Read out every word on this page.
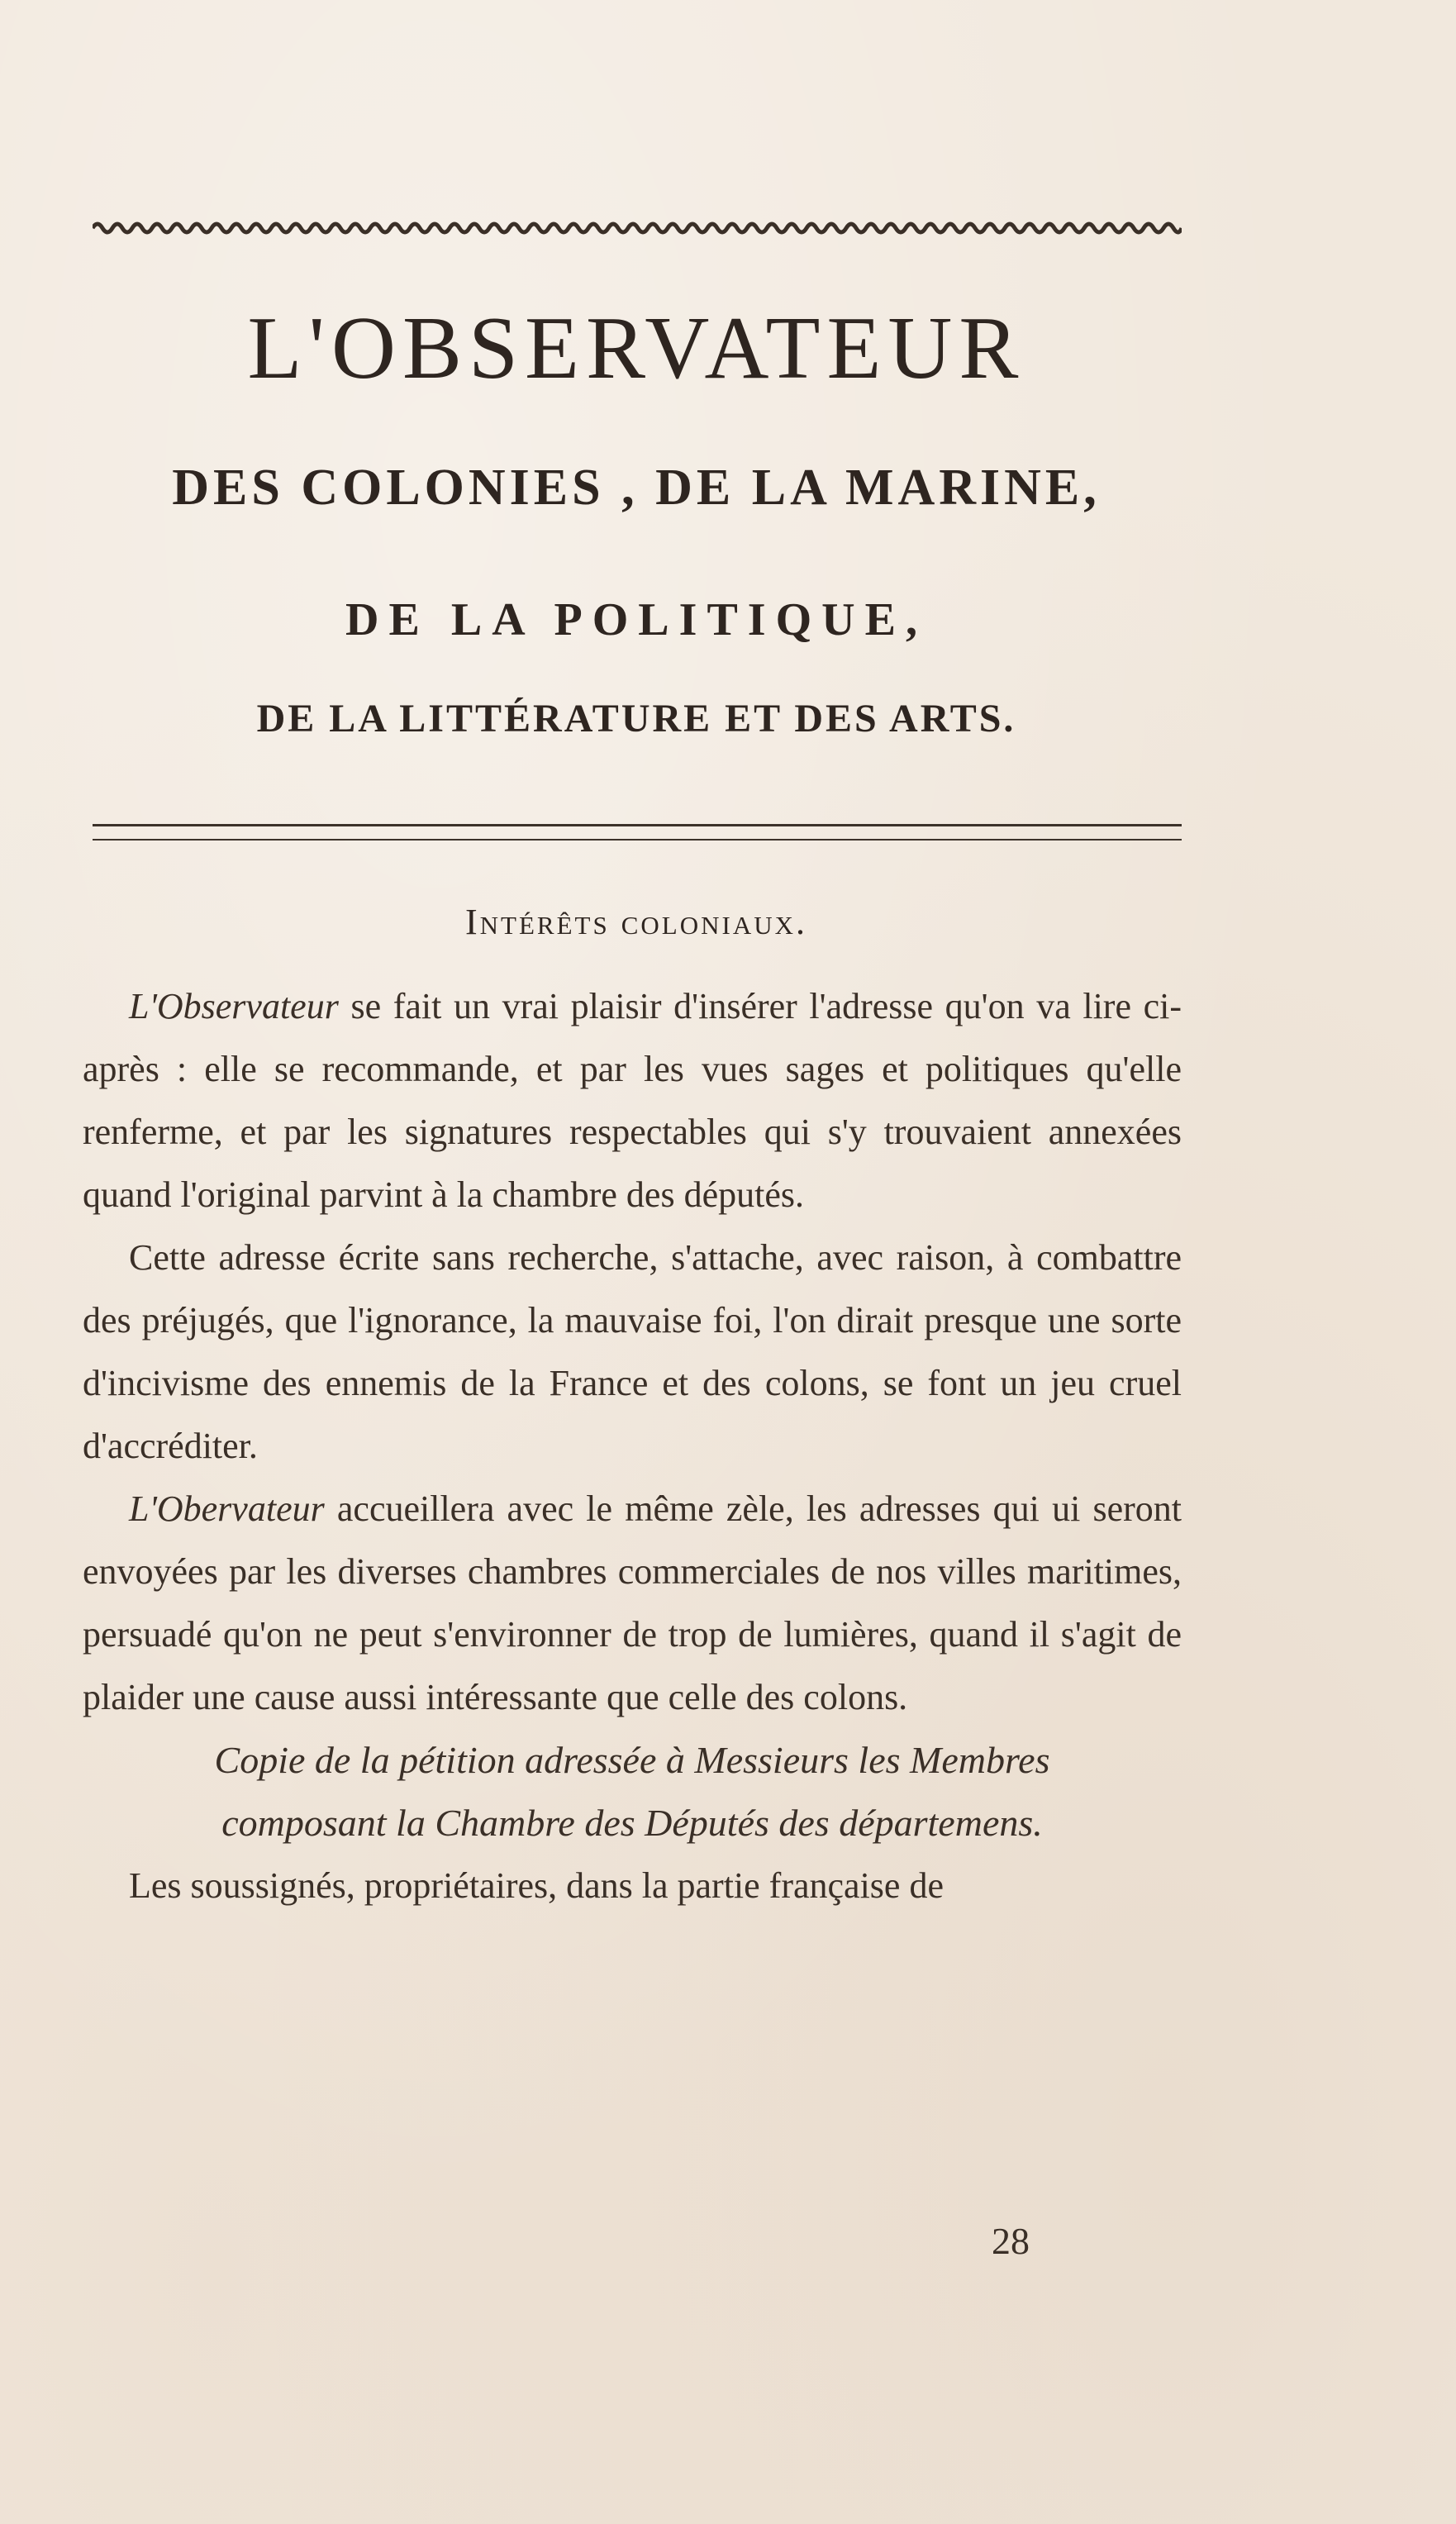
L'OBSERVATEUR
DES COLONIES , DE LA MARINE,
DE LA POLITIQUE,
DE LA LITTÉRATURE ET DES ARTS.
Intérêts coloniaux.

L'Observateur se fait un vrai plaisir d'insérer l'adresse qu'on va lire ci-après : elle se recommande, et par les vues sages et politiques qu'elle renferme, et par les signatures respectables qui s'y trouvaient annexées quand l'original parvint à la chambre des députés.

Cette adresse écrite sans recherche, s'attache, avec raison, à combattre des préjugés, que l'ignorance, la mauvaise foi, l'on dirait presque une sorte d'incivisme des ennemis de la France et des colons, se font un jeu cruel d'accréditer.

L'Obervateur accueillera avec le même zèle, les adresses qui ui seront envoyées par les diverses chambres commerciales de nos villes maritimes, persuadé qu'on ne peut s'environner de trop de lumières, quand il s'agit de plaider une cause aussi intéressante que celle des colons.

Copie de la pétition adressée à Messieurs les Membres
composant la Chambre des Députés des départemens.

Les soussignés, propriétaires, dans la partie française de

28
